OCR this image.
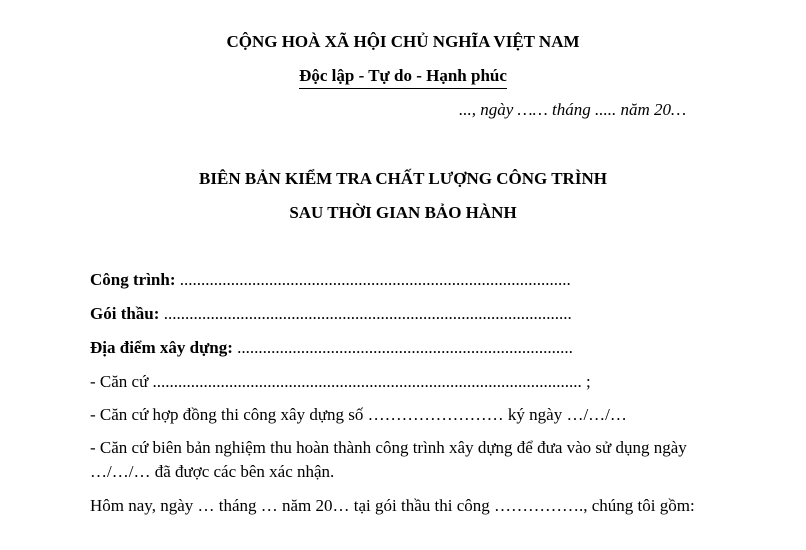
CỘNG HOÀ XÃ HỘI CHỦ NGHĨA VIỆT NAM
Độc lập - Tự do - Hạnh phúc
..., ngày …… tháng ..... năm 20…
BIÊN BẢN KIỂM TRA CHẤT LƯỢNG CÔNG TRÌNH
SAU THỜI GIAN BẢO HÀNH
Công trình: ............................................................................................
Gói thầu: ................................................................................................
Địa điểm xây dựng: ...............................................................................
- Căn cứ ..................................................................................................... ;
- Căn cứ hợp đồng thi công xây dựng số …………………… ký ngày …/…/…
- Căn cứ biên bản nghiệm thu hoàn thành công trình xây dựng để đưa vào sử dụng ngày …/…/… đã được các bên xác nhận.
Hôm nay, ngày … tháng … năm 20… tại gói thầu thi công ……………., chúng tôi gồm:
